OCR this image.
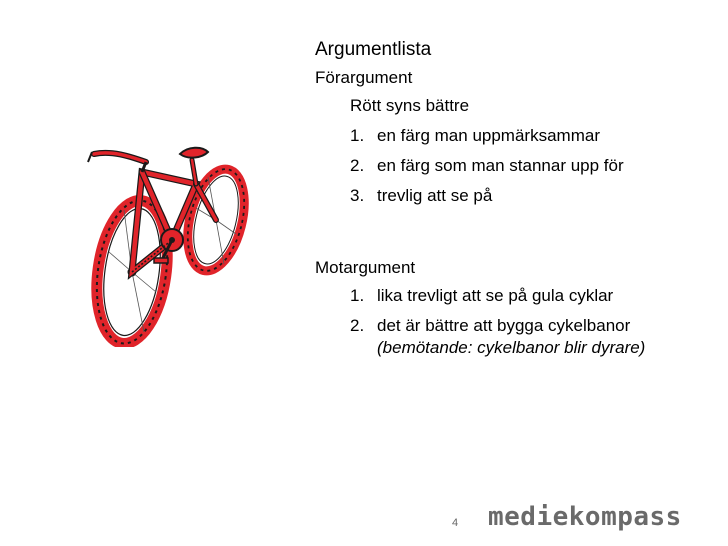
Argumentlista
Förargument
Rött syns bättre
1. en färg man uppmärksammar
2. en färg som man stannar upp för
3. trevlig att se på
Motargument
1. lika trevligt att se på gula cyklar
2. det är bättre att bygga cykelbanor
(bemötande: cykelbanor blir dyrare)
4 mediekompass
